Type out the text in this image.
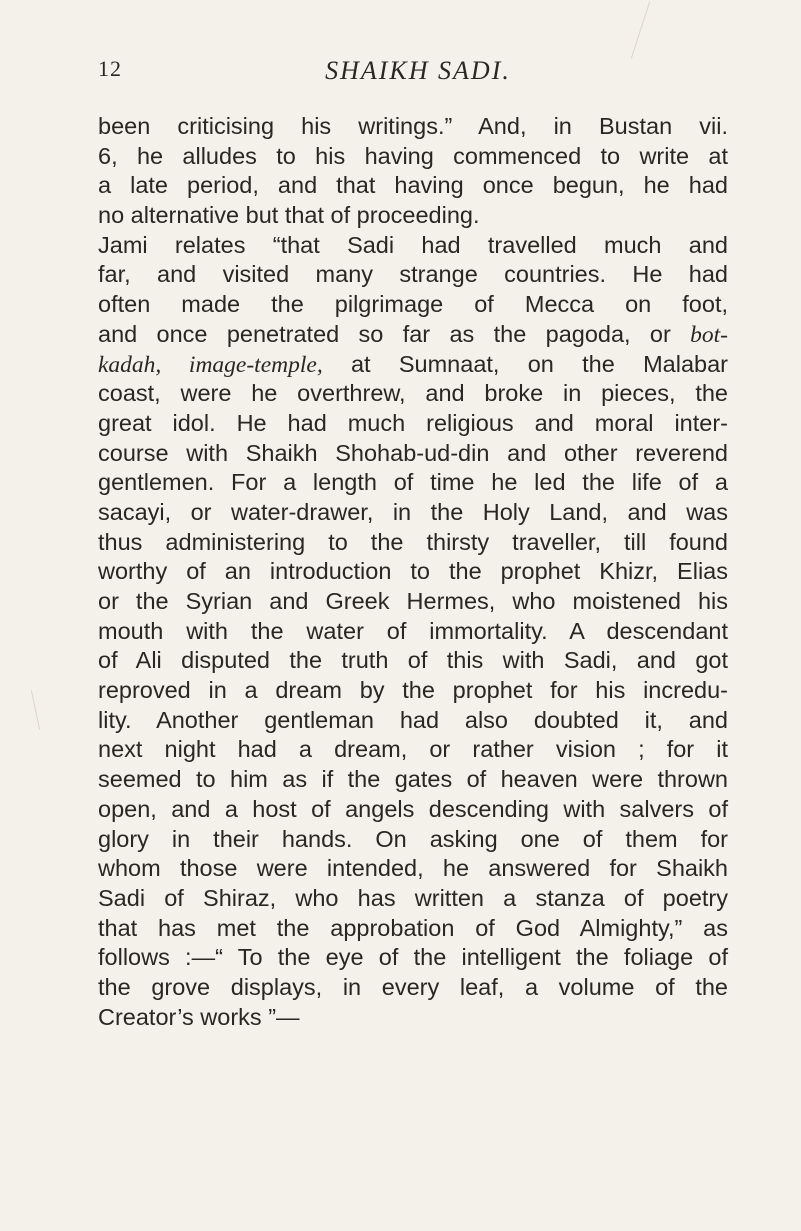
12	SHAIKH SADI.
been criticising his writings.” And, in Bustan vii.
6, he alludes to his having commenced to write at
a late period, and that having once begun, he had
no alternative but that of proceeding.
Jami relates “that Sadi had travelled much and
far, and visited many strange countries. He had
often made the pilgrimage of Mecca on foot,
and once penetrated so far as the pagoda, or bot-
kadah, image-temple, at Sumnaat, on the Malabar
coast, were he overthrew, and broke in pieces, the
great idol. He had much religious and moral inter-
course with Shaikh Shohab-ud-din and other reverend
gentlemen. For a length of time he led the life of a
sacayi, or water-drawer, in the Holy Land, and was
thus administering to the thirsty traveller, till found
worthy of an introduction to the prophet Khizr, Elias
or the Syrian and Greek Hermes, who moistened his
mouth with the water of immortality. A descendant
of Ali disputed the truth of this with Sadi, and got
reproved in a dream by the prophet for his incredu-
lity. Another gentleman had also doubted it, and
next night had a dream, or rather vision ; for it
seemed to him as if the gates of heaven were thrown
open, and a host of angels descending with salvers of
glory in their hands. On asking one of them for
whom those were intended, he answered for Shaikh
Sadi of Shiraz, who has written a stanza of poetry
that has met the approbation of God Almighty,” as
follows :—“ To the eye of the intelligent the foliage of
the grove displays, in every leaf, a volume of the
Creator’s works ”—
